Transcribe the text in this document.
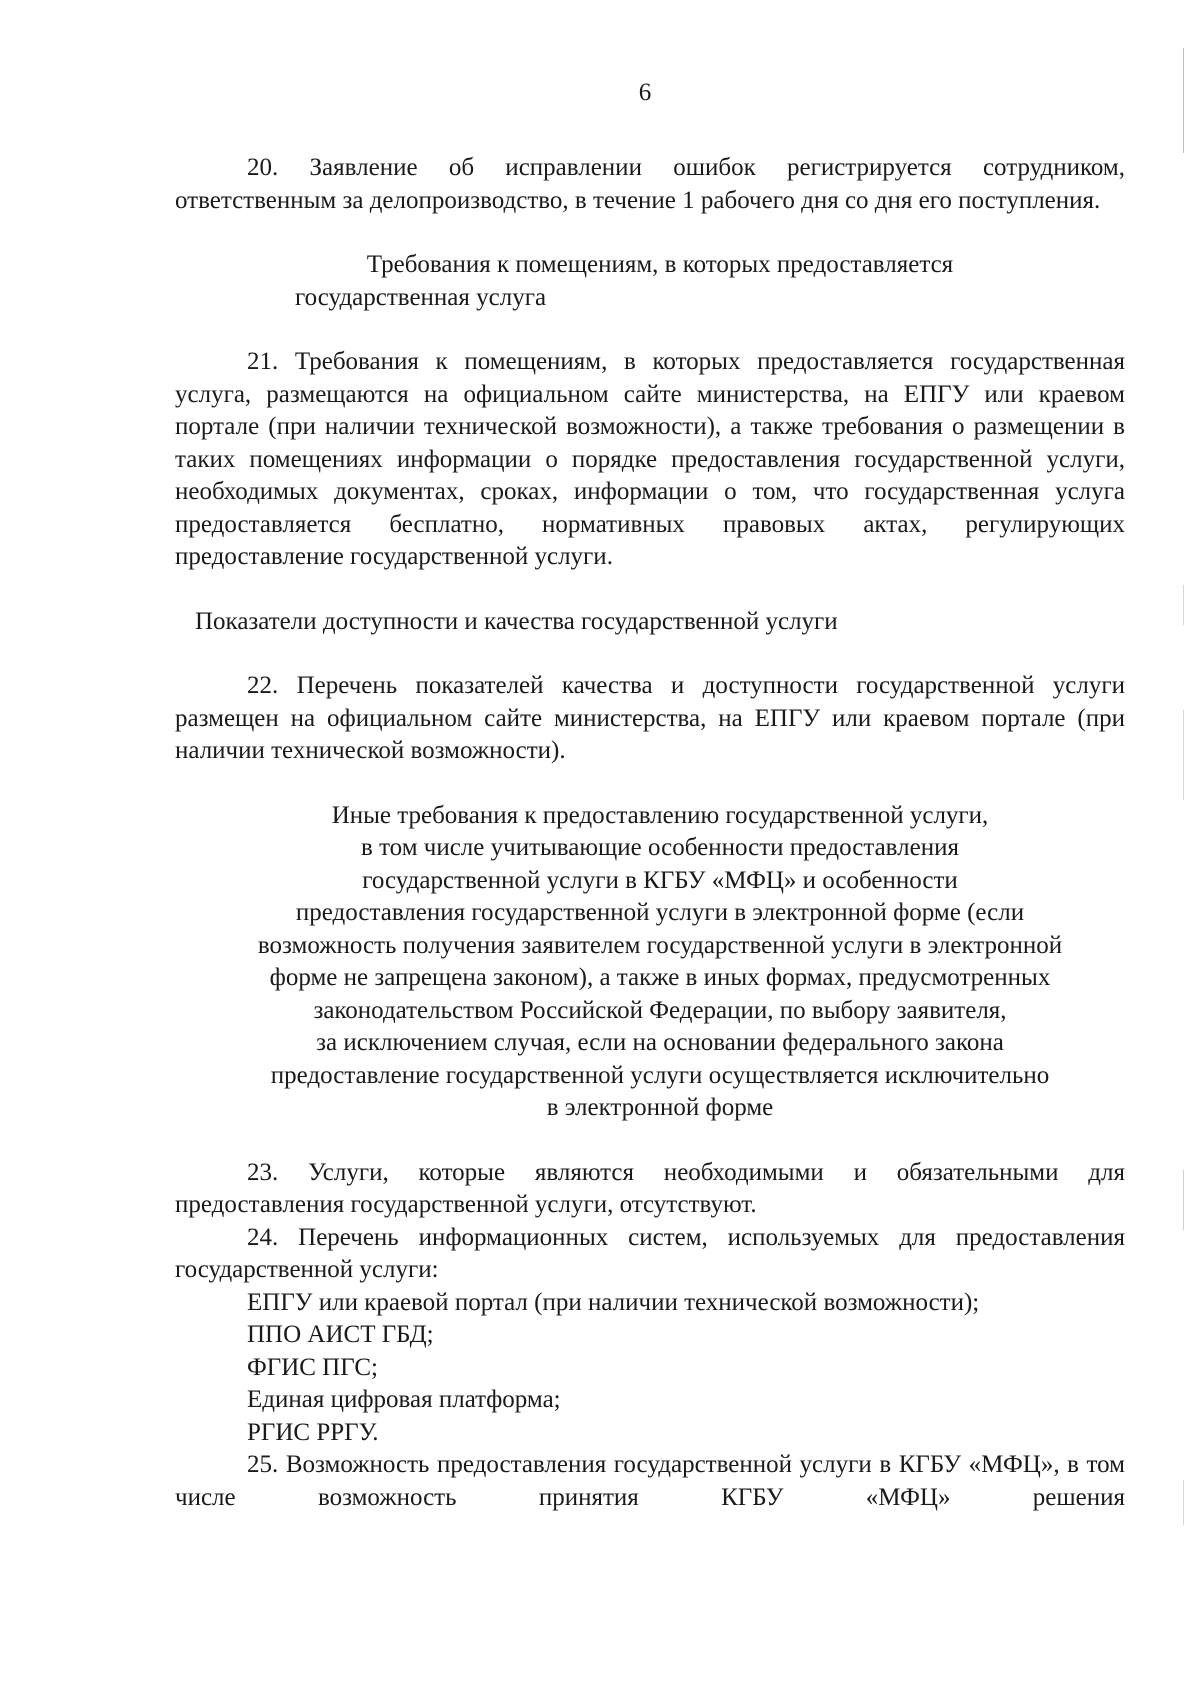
6

20. Заявление об исправлении ошибок регистрируется сотрудником, ответственным за делопроизводство, в течение 1 рабочего дня со дня его поступления.

Требования к помещениям, в которых предоставляется государственная услуга

21. Требования к помещениям, в которых предоставляется государственная услуга, размещаются на официальном сайте министерства, на ЕПГУ или краевом портале (при наличии технической возможности), а также требования о размещении в таких помещениях информации о порядке предоставления государственной услуги, необходимых документах, сроках, информации о том, что государственная услуга предоставляется бесплатно, нормативных правовых актах, регулирующих предоставление государственной услуги.

Показатели доступности и качества государственной услуги

22. Перечень показателей качества и доступности государственной услуги размещен на официальном сайте министерства, на ЕПГУ или краевом портале (при наличии технической возможности).

Иные требования к предоставлению государственной услуги,
в том числе учитывающие особенности предоставления
государственной услуги в КГБУ «МФЦ» и особенности
предоставления государственной услуги в электронной форме (если
возможность получения заявителем государственной услуги в электронной
форме не запрещена законом), а также в иных формах, предусмотренных
законодательством Российской Федерации, по выбору заявителя,
за исключением случая, если на основании федерального закона
предоставление государственной услуги осуществляется исключительно
в электронной форме

23. Услуги, которые являются необходимыми и обязательными для предоставления государственной услуги, отсутствуют.

24. Перечень информационных систем, используемых для предоставления государственной услуги:

ЕПГУ или краевой портал (при наличии технической возможности);

ППО АИСТ ГБД;

ФГИС ПГС;

Единая цифровая платформа;

РГИС РРГУ.

25. Возможность предоставления государственной услуги в КГБУ «МФЦ», в том числе возможность принятия КГБУ «МФЦ» решения
